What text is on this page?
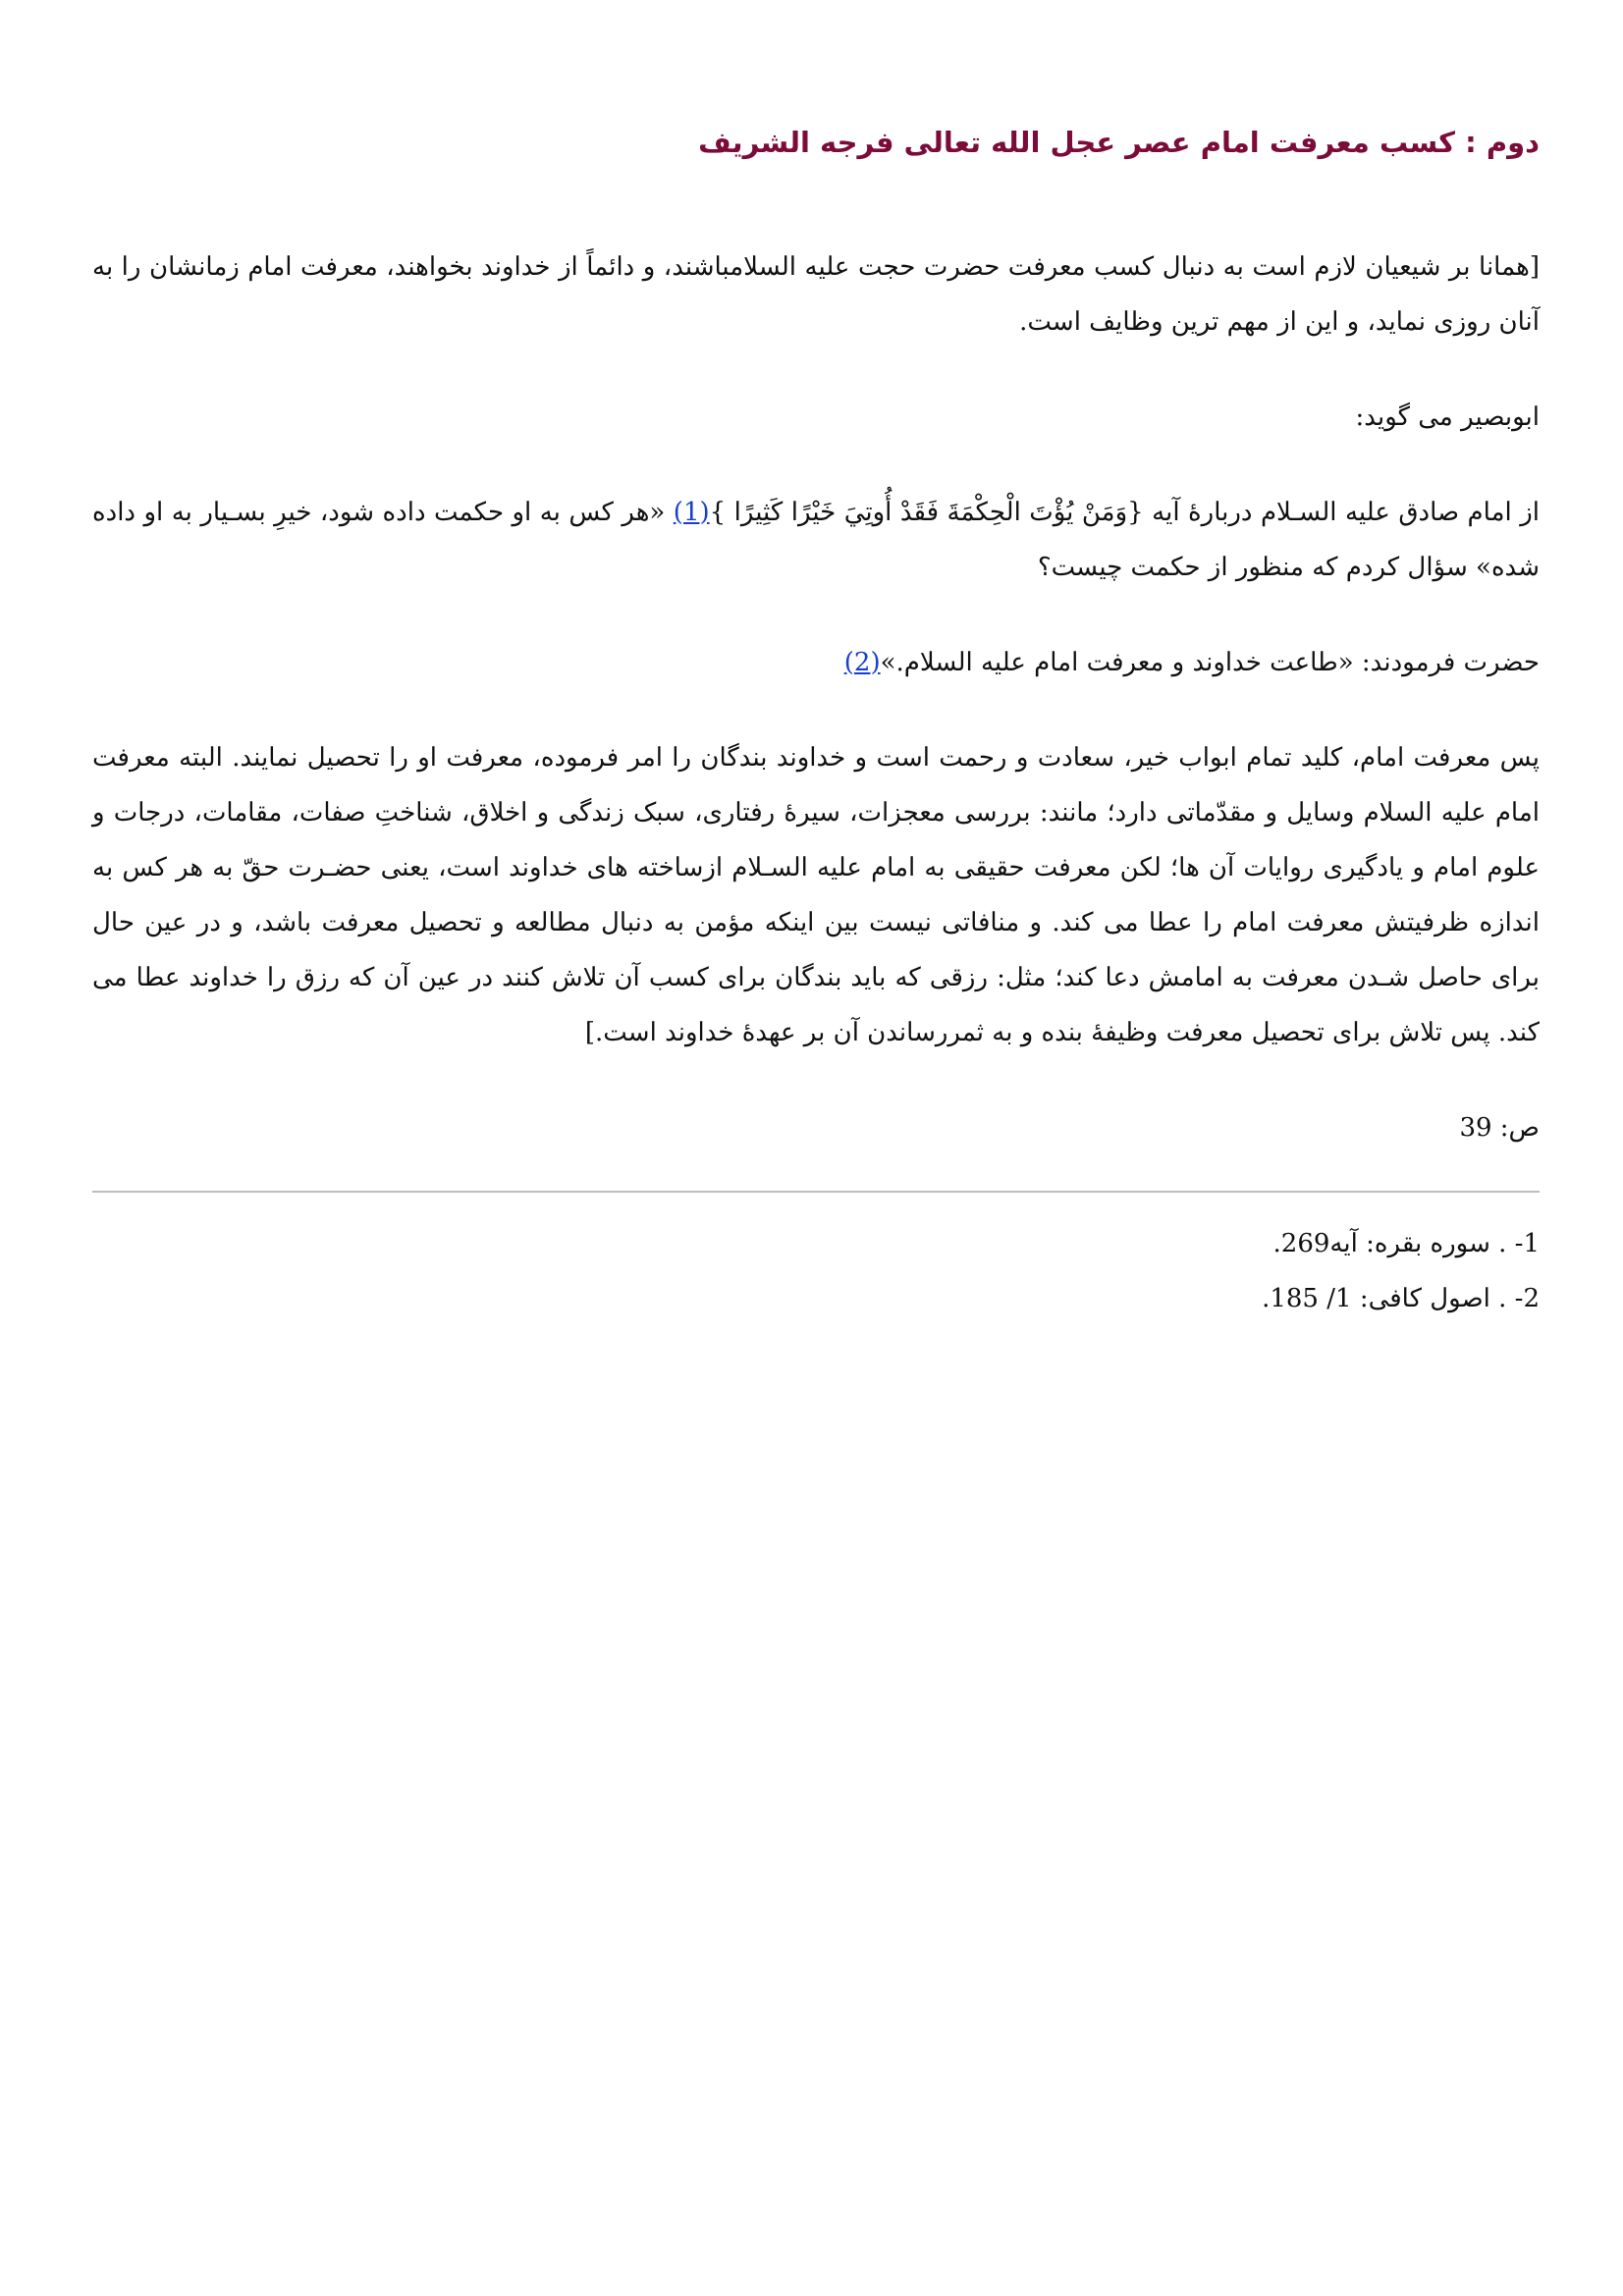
دوم : کسب معرفت امام عصر عجل الله تعالی فرجه الشریف

[همانا بر شیعیان لازم است به دنبال کسب معرفت حضرت حجت علیه السلامباشند، و دائماً از خداوند بخواهند، معرفت امام زمانشان را به آنان روزی نماید، و این از مهم ترین وظایف است.

ابوبصیر می گوید:

از امام صادق علیه السـلام دربارهٔ آیه {وَمَنْ یُؤْتَ الْحِکْمَةَ فَقَدْ أُوتِيَ خَیْرًا کَثِیرًا }(1) «هر کس به او حکمت داده شود، خیرِ بسـیار به او داده شده» سؤال کردم که منظور از حکمت چیست؟

حضرت فرمودند: «طاعت خداوند و معرفت امام علیه السلام.»(2)

پس معرفت امام، کلید تمام ابواب خیر، سعادت و رحمت است و خداوند بندگان را امر فرموده، معرفت او را تحصیل نمایند. البته معرفت امام علیه السلام وسایل و مقدّماتی دارد؛ مانند: بررسی معجزات، سیرهٔ رفتاری، سبک زندگی و اخلاق، شناختِ صفات، مقامات، درجات و علوم امام و یادگیری روایات آن ها؛ لکن معرفت حقیقی به امام علیه السـلام ازساخته های خداوند است، یعنی حضـرت حقّ به هر کس به اندازه ظرفیتش معرفت امام را عطا می کند. و منافاتی نیست بین اینکه مؤمن به دنبال مطالعه و تحصیل معرفت باشد، و در عین حال برای حاصل شـدن معرفت به امامش دعا کند؛ مثل: رزقی که باید بندگان برای کسب آن تلاش کنند در عین آن که رزق را خداوند عطا می کند. پس تلاش برای تحصیل معرفت وظیفهٔ بنده و به ثمررساندن آن بر عهدهٔ خداوند است.]

ص: 39

1- . سوره بقره: آیه269.
2- . اصول کافی: 1/ 185.
